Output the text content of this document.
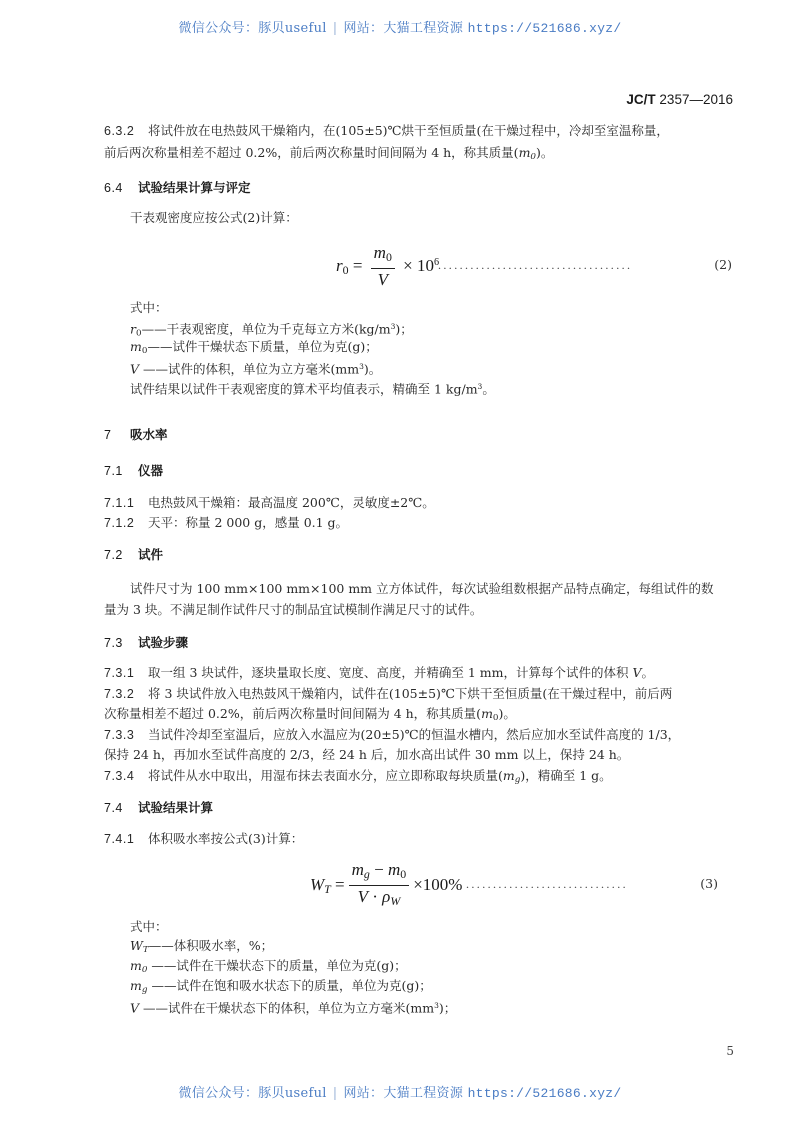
微信公众号：豚贝useful | 网站：大猫工程资源 https://521686.xyz/
JC/T 2357—2016
6.3.2 将试件放在电热鼓风干燥箱内，在(105±5)℃烘干至恒质量(在干燥过程中，冷却至室温称量，
前后两次称量相差不超过 0.2%，前后两次称量时间间隔为 4 h，称其质量$(m_0)$。
6.4 试验结果计算与评定
干表观密度应按公式(2)计算：
$r_0 = \frac{m_0}{V} \times 10^6$
....................................	(2)
式中：
$r_0——$干表观密度，单位为千克每立方米$(kg/m^3)$；
$m_0——$试件干燥状态下质量，单位为克(g)；
V ——试件的体积，单位为立方毫米$(mm^3)$。
试件结果以试件干表观密度的算术平均值表示，精确至 1 $kg/m^3$。
7 吸水率
7.1 仪器
7.1.1 电热鼓风干燥箱：最高温度 200℃，灵敏度±2℃。
7.1.2 天平：称量 2 000 g，感量 0.1 g。
7.2 试件
试件尺寸为 100 mm×100 mm×100 mm 立方体试件，每次试验组数根据产品特点确定，每组试件的数
量为 3 块。不满足制作试件尺寸的制品宜试模制作满足尺寸的试件。
7.3 试验步骤
7.3.1 取一组 3 块试件，逐块量取长度、宽度、高度，并精确至 1 mm，计算每个试件的体积 V。
7.3.2 将 3 块试件放入电热鼓风干燥箱内，试件在(105±5)℃下烘干至恒质量(在干燥过程中，前后两
次称量相差不超过 0.2%，前后两次称量时间间隔为 4 h，称其质量$(m_0)$。
7.3.3 当试件冷却至室温后，应放入水温应为(20±5)℃的恒温水槽内，然后应加水至试件高度的 1/3，
保持 24 h，再加水至试件高度的 2/3，经 24 h 后，加水高出试件 30 mm 以上，保持 24 h。
7.3.4 将试件从水中取出，用湿布抹去表面水分，应立即称取每块质量$(m_g)$，精确至 1 g。
7.4 试验结果计算
7.4.1 体积吸水率按公式(3)计算：
$W_T = \frac{m_g - m_0}{V \cdot \rho_W} \times 100\%$ ..............................	(3)
式中：
$W_T——$体积吸水率，%；
$m_0$ ——试件在干燥状态下的质量，单位为克(g)；
$m_g$ ——试件在饱和吸水状态下的质量，单位为克(g)；
V ——试件在干燥状态下的体积，单位为立方毫米$(mm^3)$；
5
微信公众号：豚贝useful | 网站：大猫工程资源 https://521686.xyz/
